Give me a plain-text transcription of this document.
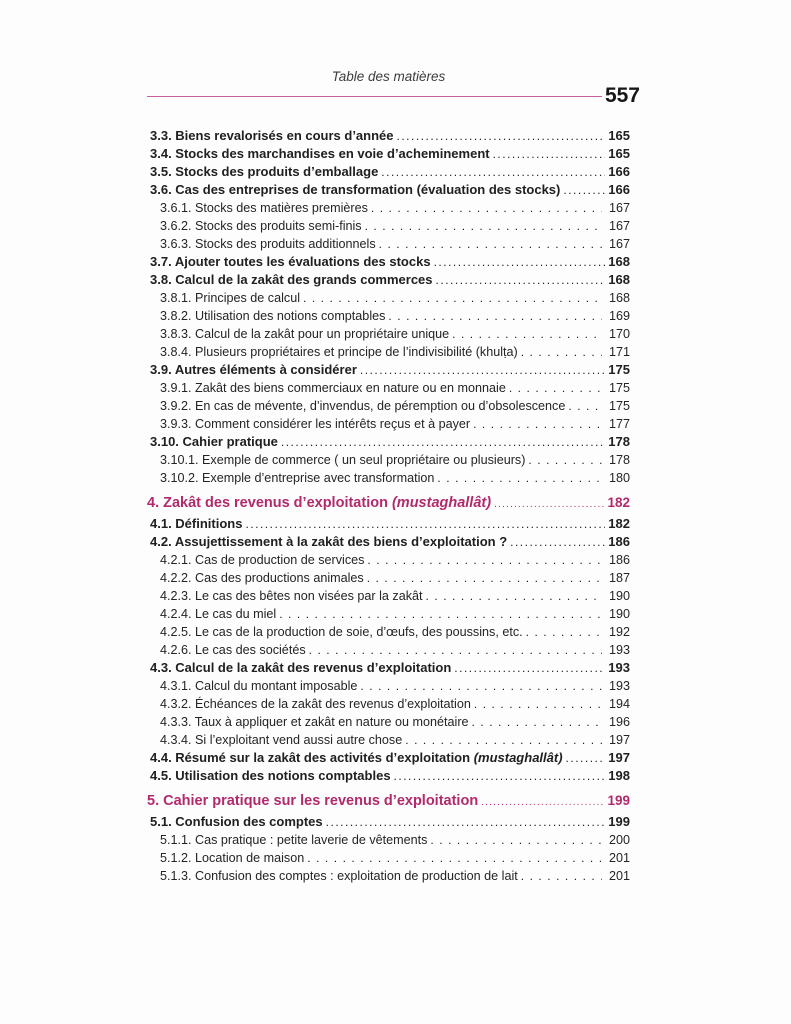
Table des matières
557
3.3. Biens revalorisés en cours d’année .....	165
3.4. Stocks des marchandises en voie d’acheminement .....	165
3.5. Stocks des produits d’emballage .....	166
3.6. Cas des entreprises de transformation (évaluation des stocks) .....	166
3.6.1. Stocks des matières premières .....	167
3.6.2. Stocks des produits semi-finis .....	167
3.6.3. Stocks des produits additionnels .....	167
3.7. Ajouter toutes les évaluations des stocks .....	168
3.8. Calcul de la zakât des grands commerces .....	168
3.8.1. Principes de calcul .....	168
3.8.2. Utilisation des notions comptables .....	169
3.8.3. Calcul de la zakât pour un propriétaire unique .....	170
3.8.4. Plusieurs propriétaires et principe de l’indivisibilité (khulṭa) .....	171
3.9. Autres éléments à considérer .....	175
3.9.1. Zakât des biens commerciaux en nature ou en monnaie .....	175
3.9.2. En cas de mévente, d’invendus, de péremption ou d’obsolescence .....	175
3.9.3. Comment considérer les intérêts reçus et à payer .....	177
3.10. Cahier pratique .....	178
3.10.1. Exemple de commerce ( un seul propriétaire ou plusieurs) .....	178
3.10.2. Exemple d’entreprise avec transformation .....	180
4. Zakât des revenus d’exploitation (mustaghallât) .....	182
4.1. Définitions .....	182
4.2. Assujettissement à la zakât des biens d’exploitation ? .....	186
4.2.1. Cas de production de services .....	186
4.2.2. Cas des productions animales .....	187
4.2.3. Le cas des bêtes non visées par la zakât .....	190
4.2.4. Le cas du miel .....	190
4.2.5. Le cas de la production de soie, d’œufs, des poussins, etc. .....	192
4.2.6. Le cas des sociétés .....	193
4.3. Calcul de la zakât des revenus d’exploitation .....	193
4.3.1. Calcul du montant imposable .....	193
4.3.2. Échéances de la zakât des revenus d’exploitation .....	194
4.3.3. Taux à appliquer et zakât en nature ou monétaire .....	196
4.3.4. Si l’exploitant vend aussi autre chose .....	197
4.4. Résumé sur la zakât des activités d’exploitation (mustaghallât) .....	197
4.5. Utilisation des notions comptables .....	198
5. Cahier pratique sur les revenus d’exploitation .....	199
5.1. Confusion des comptes .....	199
5.1.1. Cas pratique : petite laverie de vêtements .....	200
5.1.2. Location de maison .....	201
5.1.3. Confusion des comptes : exploitation de production de lait .....	201
